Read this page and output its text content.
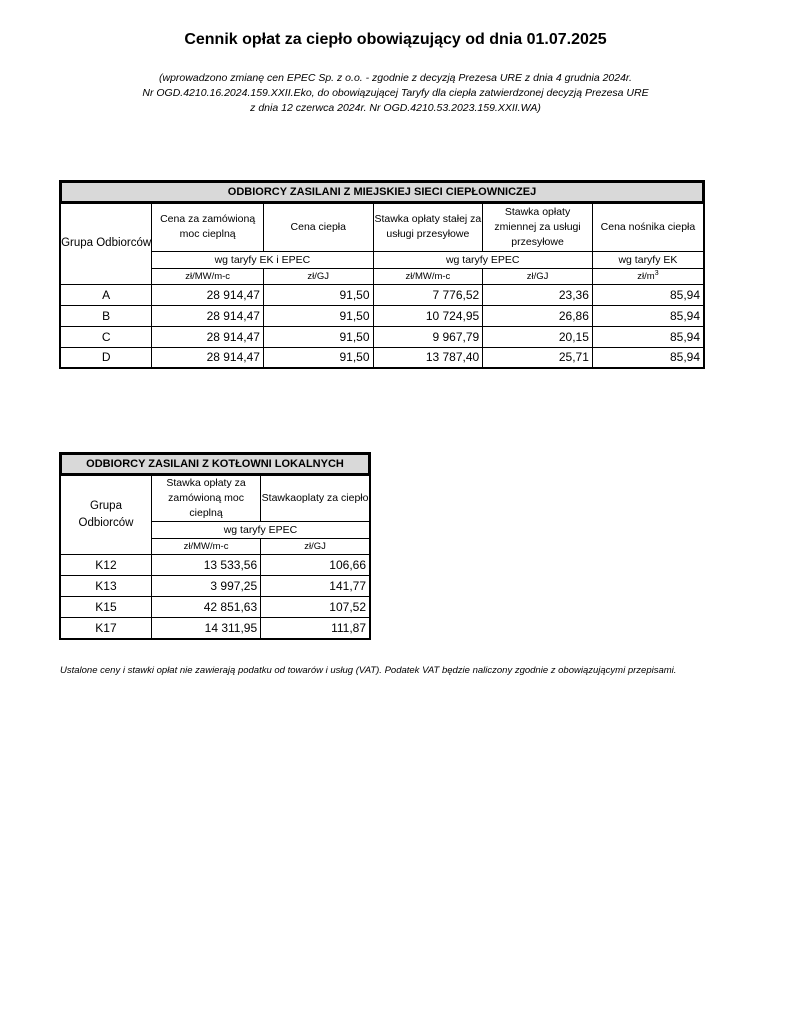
Cennik opłat za ciepło obowiązujący od dnia 01.07.2025
(wprowadzono zmianę cen EPEC Sp. z o.o. - zgodnie z decyzją Prezesa URE z dnia 4 grudnia 2024r.
Nr OGD.4210.16.2024.159.XXII.Eko, do obowiązującej Taryfy dla ciepła zatwierdzonej decyzją Prezesa URE
z dnia 12 czerwca 2024r. Nr OGD.4210.53.2023.159.XXII.WA)
ODBIORCY ZASILANI Z MIEJSKIEJ SIECI CIEPŁOWNICZEJ					
Grupa Odbiorców	Cena za zamówioną moc cieplną	Cena ciepła	Stawka opłaty stałej za usługi przesyłowe	Stawka opłaty zmiennej za usługi przesyłowe	Cena nośnika ciepła
	wg taryfy EK i EPEC		wg taryfy EPEC		wg taryfy EK
	zł/MW/m-c	zł/GJ	zł/MW/m-c	zł/GJ	$zł/m^3$
A	28 914,47	91,50	7 776,52	23,36	85,94
B	28 914,47	91,50	10 724,95	26,86	85,94
C	28 914,47	91,50	9 967,79	20,15	85,94
D	28 914,47	91,50	13 787,40	25,71	85,94
ODBIORCY ZASILANI Z KOTŁOWNI LOKALNYCH		
Grupa Odbiorców	Stawka opłaty za zamówioną moc cieplną	Stawkaoplaty za ciepło
	wg taryfy EPEC	
	zł/MW/m-c	zł/GJ
K12	13 533,56	106,66
K13	3 997,25	141,77
K15	42 851,63	107,52
K17	14 311,95	111,87
Ustalone ceny i stawki opłat nie zawierają podatku od towarów i usług (VAT). Podatek VAT będzie naliczony zgodnie z obowiązującymi przepisami.
